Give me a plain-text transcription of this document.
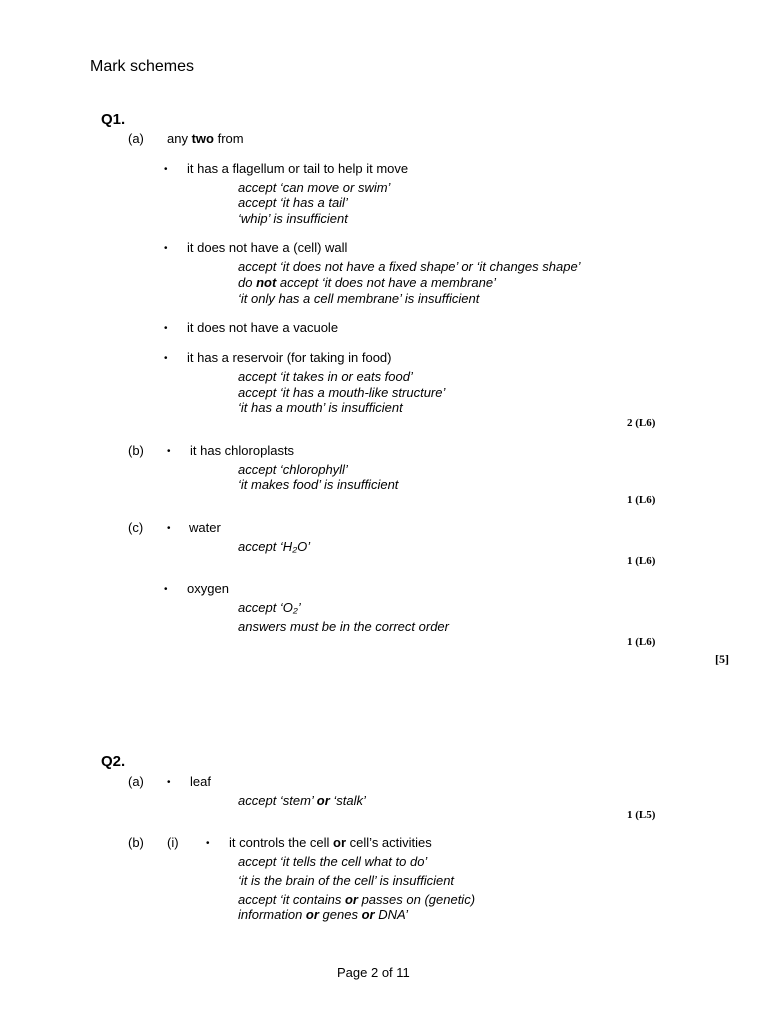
Mark schemes
Q1.
(a) any two from
• it has a flagellum or tail to help it move
accept ‘can move or swim’
accept ‘it has a tail’
‘whip’ is insufficient
• it does not have a (cell) wall
accept ‘it does not have a fixed shape’ or ‘it changes shape’
do not accept ‘it does not have a membrane’
‘it only has a cell membrane’ is insufficient
• it does not have a vacuole
• it has a reservoir (for taking in food)
accept ‘it takes in or eats food’
accept ‘it has a mouth-like structure’
‘it has a mouth’ is insufficient
2 (L6)
(b) • it has chloroplasts
accept ‘chlorophyll’
‘it makes food’ is insufficient
1 (L6)
(c) • water
accept ‘H₂O’
1 (L6)
• oxygen
accept ‘O₂’
answers must be in the correct order
1 (L6)
[5]
Q2.
(a) • leaf
accept ‘stem’ or ‘stalk’
1 (L5)
(b) (i)	• it controls the cell or cell’s activities
accept ‘it tells the cell what to do’
‘it is the brain of the cell’ is insufficient
accept ‘it contains or passes on (genetic)
information or genes or DNA’
Page 2 of 11
